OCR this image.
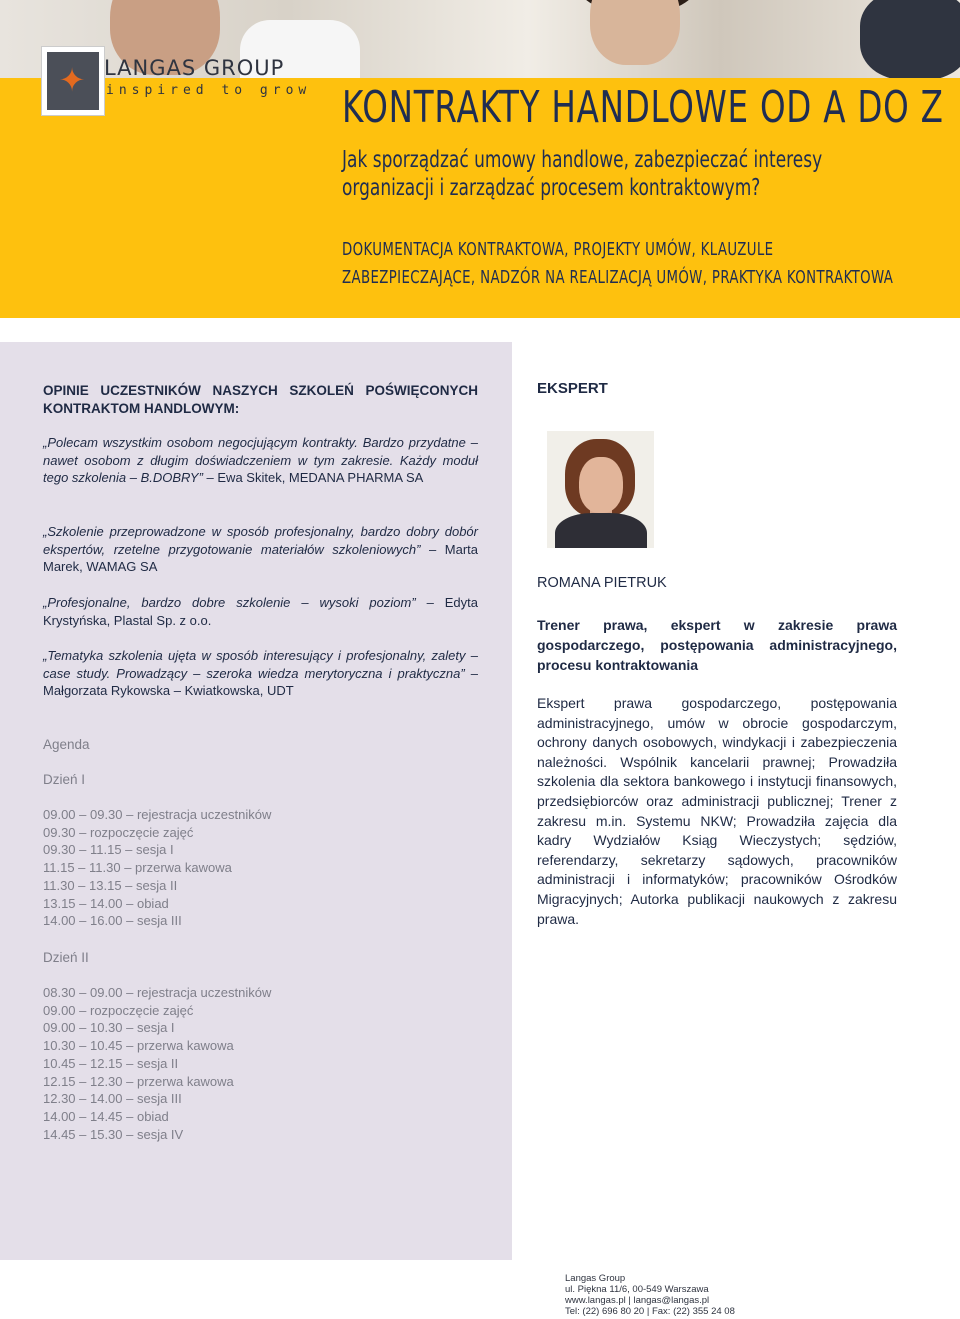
✦ LANGAS GROUP
inspired to grow KONTRAKTY HANDLOWE OD A DO Z
Jak sporządzać umowy handlowe, zabezpieczać interesy
organizacji i zarządzać procesem kontraktowym?
DOKUMENTACJA KONTRAKTOWA, PROJEKTY UMÓW, KLAUZULE
ZABEZPIECZAJĄCE, NADZÓR NA REALIZACJĄ UMÓW, PRAKTYKA KONTRAKTOWA
OPINIE UCZESTNIKÓW NASZYCH SZKOLEŃ POŚWIĘCONYCH KONTRAKTOM HANDLOWYM:
„Polecam wszystkim osobom negocjującym kontrakty. Bardzo przydatne – nawet osobom z długim doświadczeniem w tym zakresie. Każdy moduł tego szkolenia – B.DOBRY” – Ewa Skitek, MEDANA PHARMA SA
„Szkolenie przeprowadzone w sposób profesjonalny, bardzo dobry dobór ekspertów, rzetelne przygotowanie materiałów szkoleniowych” – Marta Marek, WAMAG SA
„Profesjonalne, bardzo dobre szkolenie – wysoki poziom” – Edyta Krystyńska, Plastal Sp. z o.o.
„Tematyka szkolenia ujęta w sposób interesujący i profesjonalny, zalety – case study. Prowadzący – szeroka wiedza merytoryczna i praktyczna” – Małgorzata Rykowska – Kwiatkowska, UDT
Agenda
Dzień I
09.00 – 09.30 – rejestracja uczestników
09.30 – rozpoczęcie zajęć
09.30 – 11.15 – sesja I
11.15 – 11.30 – przerwa kawowa
11.30 – 13.15 – sesja II
13.15 – 14.00 – obiad
14.00 – 16.00 – sesja III
Dzień II
08.30 – 09.00 – rejestracja uczestników
09.00 – rozpoczęcie zajęć
09.00 – 10.30 – sesja I
10.30 – 10.45 – przerwa kawowa
10.45 – 12.15 – sesja II
12.15 – 12.30 – przerwa kawowa
12.30 – 14.00 – sesja III
14.00 – 14.45 – obiad
14.45 – 15.30 – sesja IV
EKSPERT
ROMANA PIETRUK
Trener prawa, ekspert w zakresie prawa gospodarczego, postępowania administracyjnego, procesu kontraktowania
Ekspert prawa gospodarczego, postępowania administracyjnego, umów w obrocie gospodarczym, ochrony danych osobowych, windykacji i zabezpieczenia należności. Wspólnik kancelarii prawnej; Prowadziła szkolenia dla sektora bankowego i instytucji finansowych, przedsiębiorców oraz administracji publicznej; Trener z zakresu m.in. Systemu NKW; Prowadziła zajęcia dla kadry Wydziałów Ksiąg Wieczystych; sędziów, referendarzy, sekretarzy sądowych, pracowników administracji i informatyków; pracowników Ośrodków Migracyjnych; Autorka publikacji naukowych z zakresu prawa.
Langas Group
ul. Piękna 11/6, 00-549 Warszawa
www.langas.pl | langas@langas.pl
Tel: (22) 696 80 20 | Fax: (22) 355 24 08
